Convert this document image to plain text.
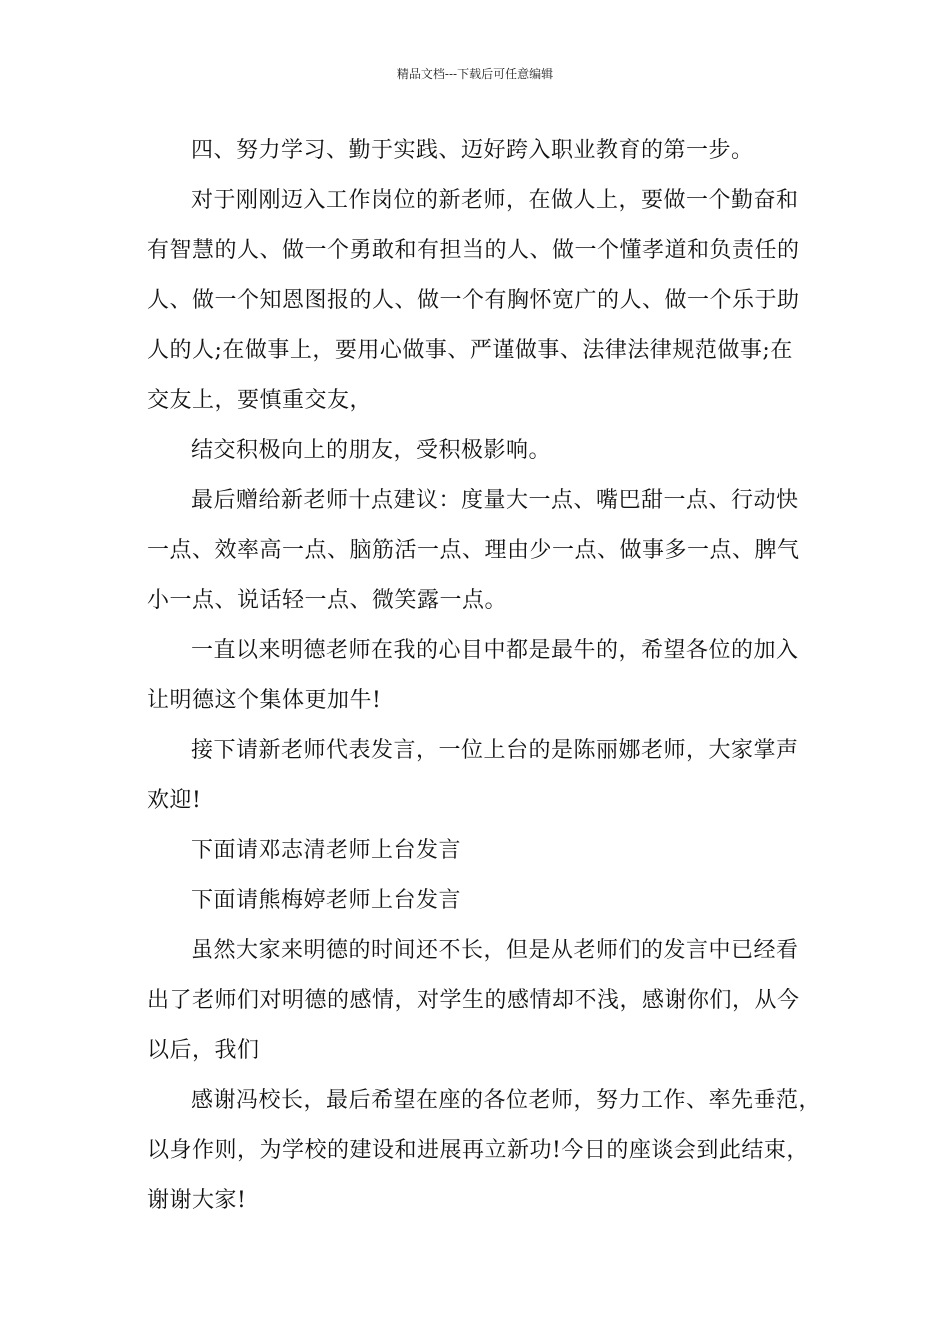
精品文档---下载后可任意编辑

四、努力学习、勤于实践、迈好跨入职业教育的第一步。

对于刚刚迈入工作岗位的新老师，在做人上，要做一个勤奋和
有智慧的人、做一个勇敢和有担当的人、做一个懂孝道和负责任的
人、做一个知恩图报的人、做一个有胸怀宽广的人、做一个乐于助
人的人;在做事上，要用心做事、严谨做事、法律法律规范做事;在
交友上，要慎重交友，

结交积极向上的朋友，受积极影响。

最后赠给新老师十点建议：度量大一点、嘴巴甜一点、行动快
一点、效率高一点、脑筋活一点、理由少一点、做事多一点、脾气
小一点、说话轻一点、微笑露一点。

一直以来明德老师在我的心目中都是最牛的，希望各位的加入
让明德这个集体更加牛!

接下请新老师代表发言，一位上台的是陈丽娜老师，大家掌声
欢迎!

下面请邓志清老师上台发言

下面请熊梅婷老师上台发言

虽然大家来明德的时间还不长，但是从老师们的发言中已经看
出了老师们对明德的感情，对学生的感情却不浅，感谢你们，从今
以后，我们

感谢冯校长，最后希望在座的各位老师，努力工作、率先垂范，
以身作则，为学校的建设和进展再立新功!今日的座谈会到此结束，
谢谢大家!
